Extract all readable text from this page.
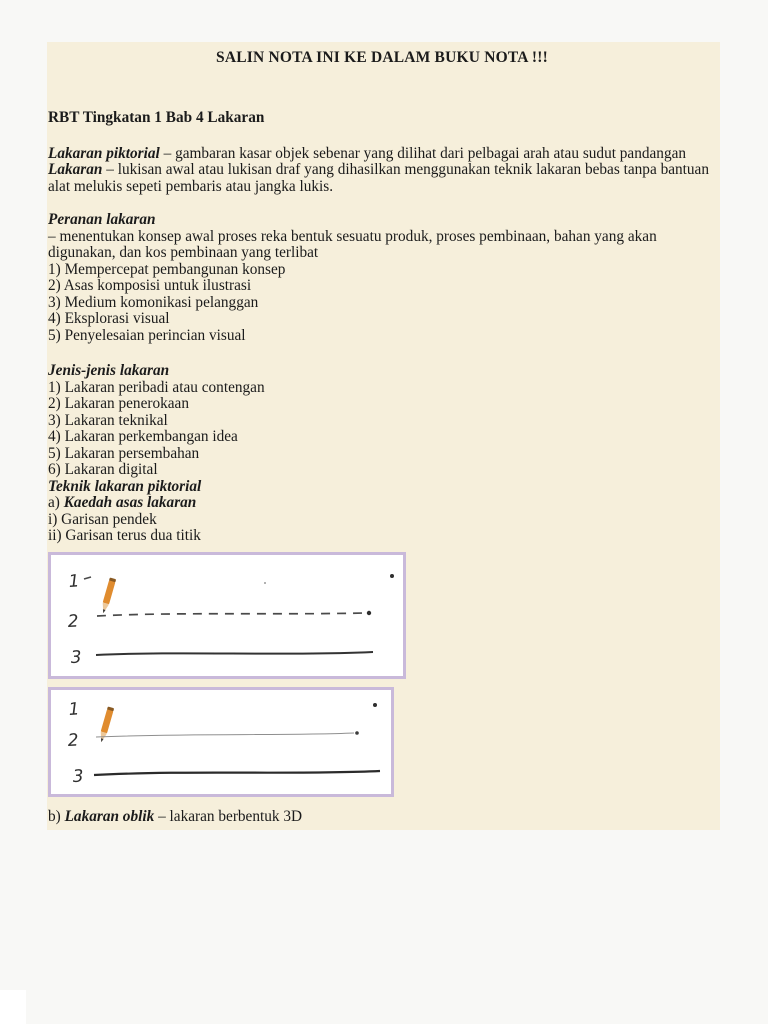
SALIN NOTA INI KE DALAM BUKU NOTA !!!
RBT Tingkatan 1 Bab 4 Lakaran

Lakaran piktorial – gambaran kasar objek sebenar yang dilihat dari pelbagai arah atau sudut pandangan

Lakaran – lukisan awal atau lukisan draf yang dihasilkan menggunakan teknik lakaran bebas tanpa bantuan alat melukis sepeti pembaris atau jangka lukis.

Peranan lakaran

– menentukan konsep awal proses reka bentuk sesuatu produk, proses pembinaan, bahan yang akan digunakan, dan kos pembinaan yang terlibat

1) Mempercepat pembangunan konsep
2) Asas komposisi untuk ilustrasi
3) Medium komonikasi pelanggan
4) Eksplorasi visual
5) Penyelesaian perincian visual
Jenis-jenis lakaran
1) Lakaran peribadi atau contengan
2) Lakaran penerokaan
3) Lakaran teknikal
4) Lakaran perkembangan idea
5) Lakaran persembahan
6) Lakaran digital
Teknik lakaran piktorial

a) Kaedah asas lakaran

i) Garisan pendek

ii) Garisan terus dua titik

1
2
3
1
2
3

b) Lakaran oblik – lakaran berbentuk 3D
